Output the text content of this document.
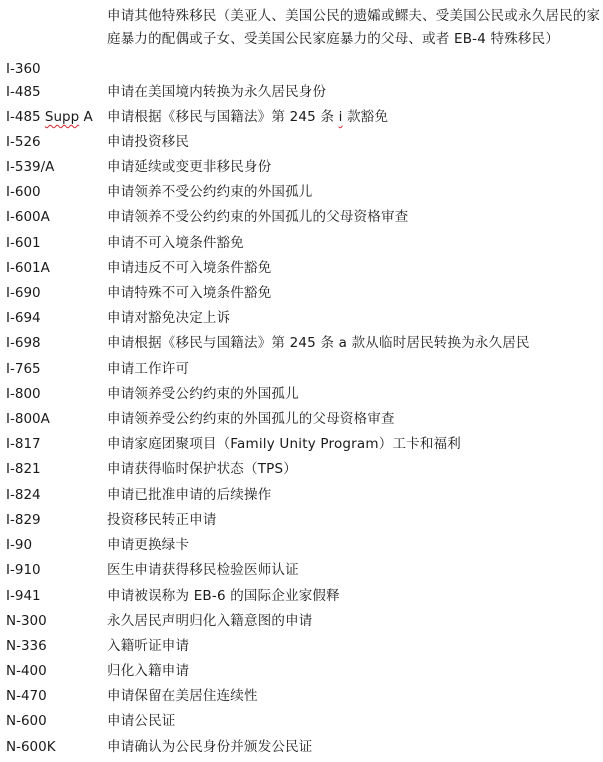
申请其他特殊移民（美亚人、美国公民的遗孀或鳏夫、受美国公民或永久居民的家庭暴力的配偶或子女、受美国公民家庭暴力的父母、或者 EB-4 特殊移民）
I-360
I-485	申请在美国境内转换为永久居民身份
I-485 Supp A 申请根据《移民与国籍法》第 245 条 i 款豁免
I-526	申请投资移民
I-539/A	申请延续或变更非移民身份
I-600	申请领养不受公约约束的外国孤儿
I-600A	申请领养不受公约约束的外国孤儿的父母资格审查
I-601	申请不可入境条件豁免
I-601A	申请违反不可入境条件豁免
I-690	申请特殊不可入境条件豁免
I-694	申请对豁免决定上诉
I-698	申请根据《移民与国籍法》第 245 条 a 款从临时居民转换为永久居民
I-765	申请工作许可
I-800	申请领养受公约约束的外国孤儿
I-800A	申请领养受公约约束的外国孤儿的父母资格审查
I-817	申请家庭团聚项目（Family Unity Program）工卡和福利
I-821	申请获得临时保护状态（TPS）
I-824	申请已批准申请的后续操作
I-829	投资移民转正申请
I-90	申请更换绿卡
I-910	医生申请获得移民检验医师认证
I-941	申请被误称为 EB-6 的国际企业家假释
N-300	永久居民声明归化入籍意图的申请
N-336	入籍听证申请
N-400	归化入籍申请
N-470	申请保留在美居住连续性
N-600	申请公民证
N-600K	申请确认为公民身份并颁发公民证
